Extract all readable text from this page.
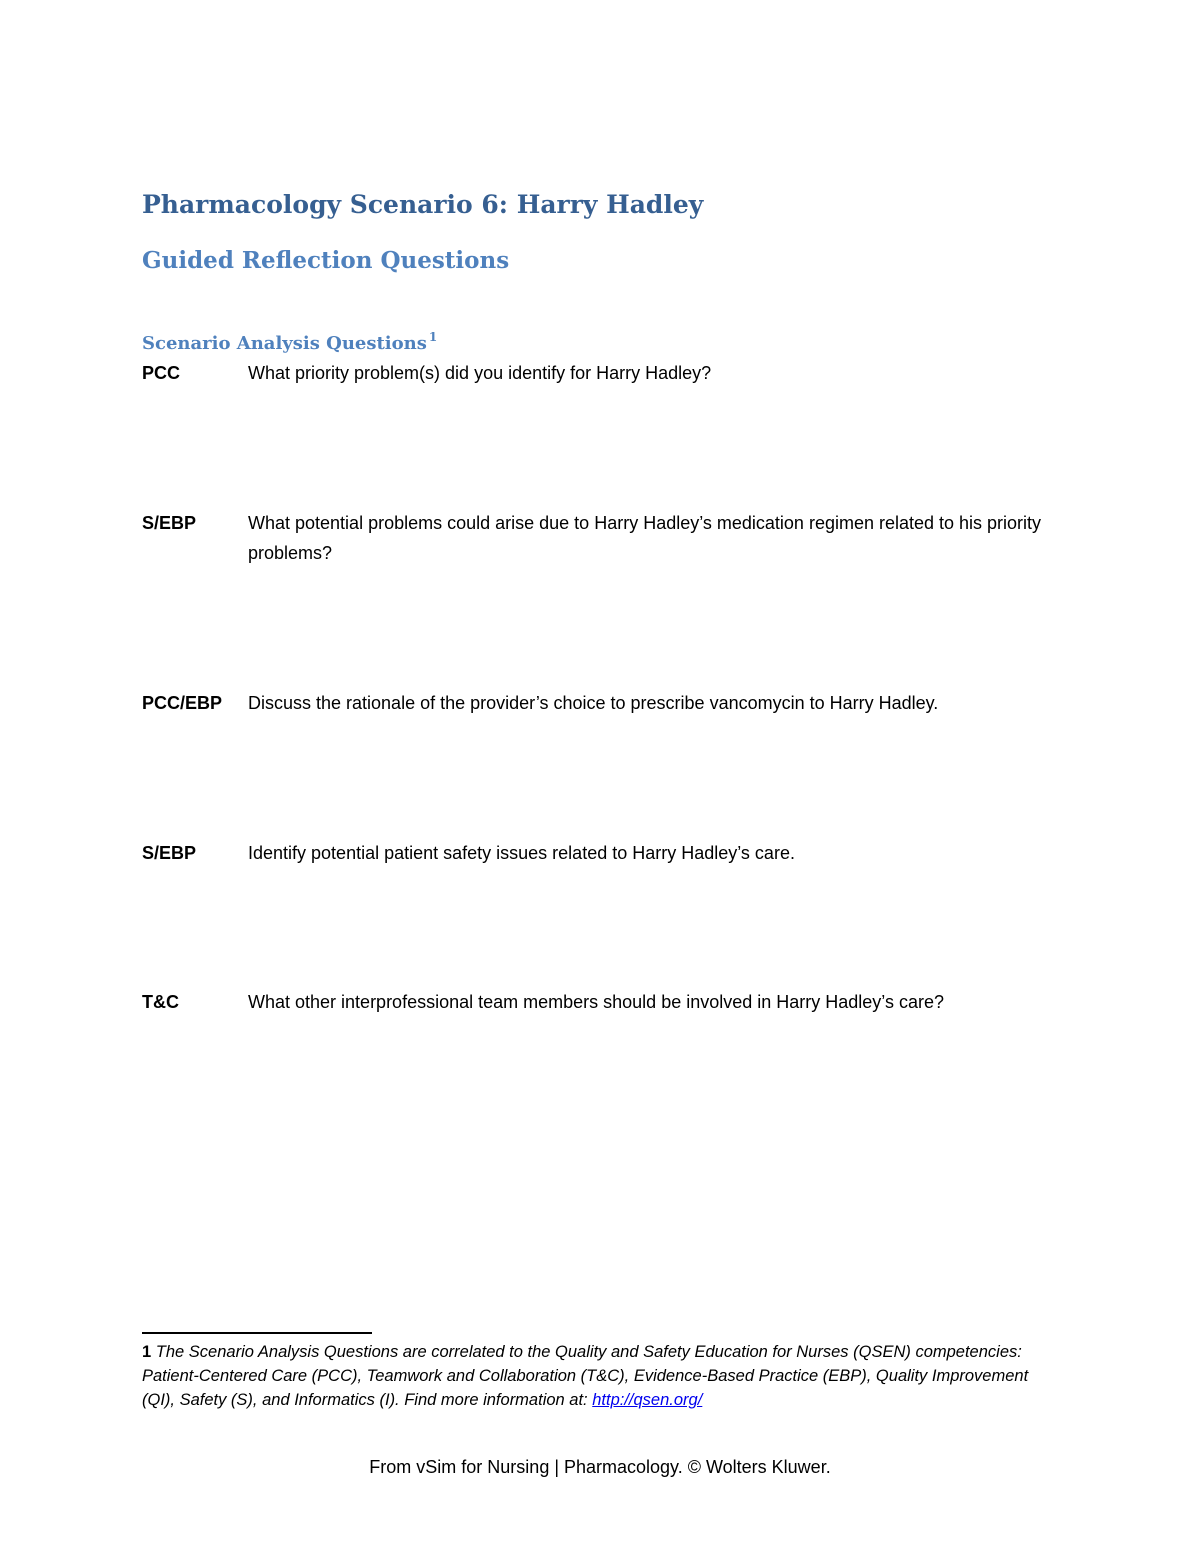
Pharmacology Scenario 6: Harry Hadley
Guided Reflection Questions
Scenario Analysis Questions $^1$
PCC	What priority problem(s) did you identify for Harry Hadley?
S/EBP	What potential problems could arise due to Harry Hadley’s medication regimen related to his priority problems?
PCC/EBP	Discuss the rationale of the provider’s choice to prescribe vancomycin to Harry Hadley.
S/EBP	Identify potential patient safety issues related to Harry Hadley’s care.
T&C	What other interprofessional team members should be involved in Harry Hadley’s care?
1 The Scenario Analysis Questions are correlated to the Quality and Safety Education for Nurses (QSEN) competencies: Patient-Centered Care (PCC), Teamwork and Collaboration (T&C), Evidence-Based Practice (EBP), Quality Improvement (QI), Safety (S), and Informatics (I). Find more information at: http://qsen.org/
From vSim for Nursing | Pharmacology. © Wolters Kluwer.
